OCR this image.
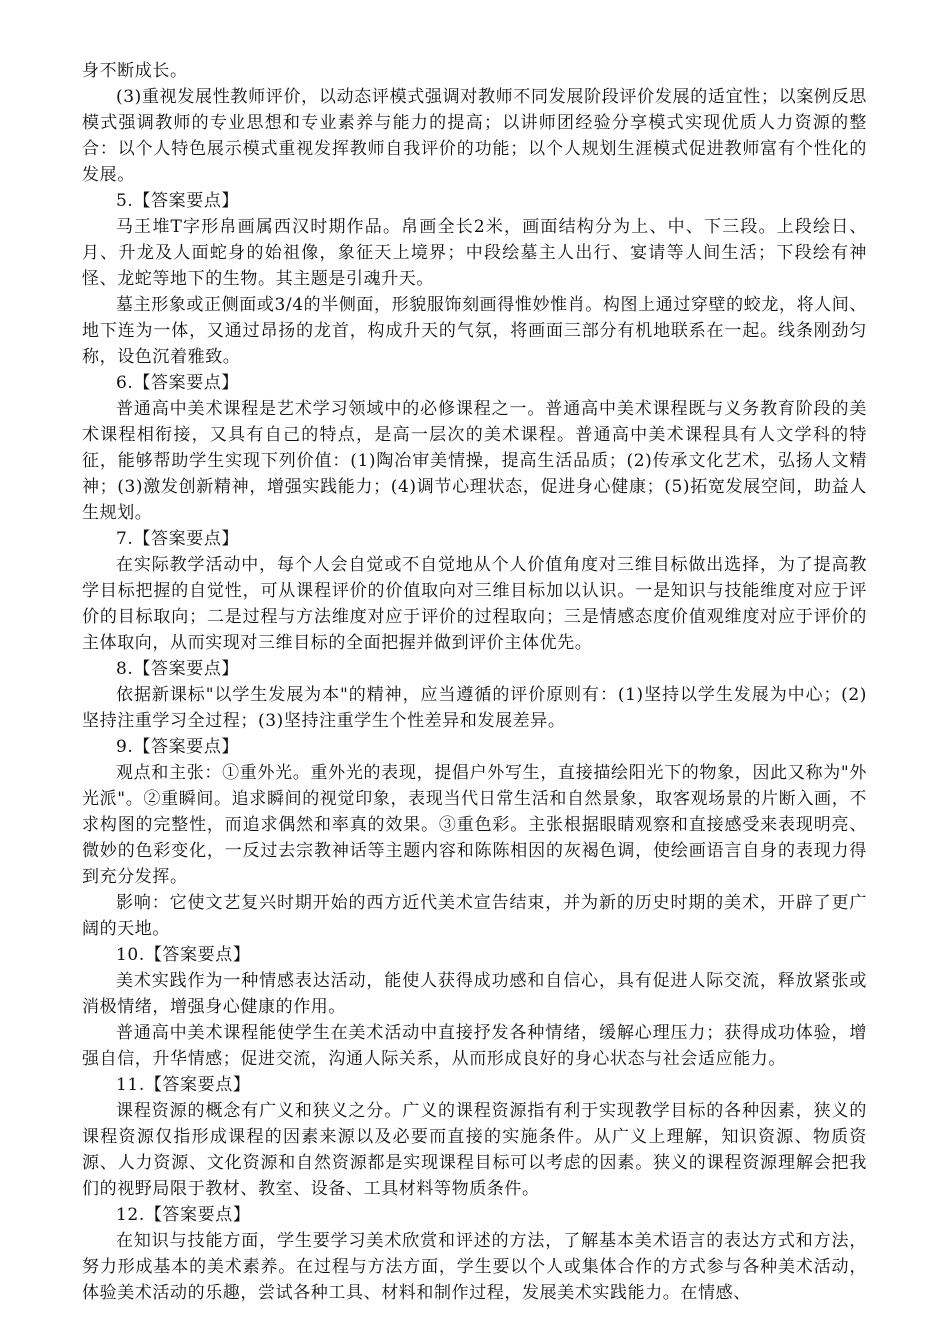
身不断成长。

(3)重视发展性教师评价，以动态评模式强调对教师不同发展阶段评价发展的适宜性；以案例反思模式强调教师的专业思想和专业素养与能力的提高；以讲师团经验分享模式实现优质人力资源的整合：以个人特色展示模式重视发挥教师自我评价的功能；以个人规划生涯模式促进教师富有个性化的发展。

5.【答案要点】

马王堆T字形帛画属西汉时期作品。帛画全长2米，画面结构分为上、中、下三段。上段绘日、月、升龙及人面蛇身的始祖像，象征天上境界；中段绘墓主人出行、宴请等人间生活；下段绘有神怪、龙蛇等地下的生物。其主题是引魂升天。

墓主形象或正侧面或3/4的半侧面，形貌服饰刻画得惟妙惟肖。构图上通过穿壁的蛟龙，将人间、地下连为一体，又通过昂扬的龙首，构成升天的气氛，将画面三部分有机地联系在一起。线条刚劲匀称，设色沉着雅致。

6.【答案要点】

普通高中美术课程是艺术学习领域中的必修课程之一。普通高中美术课程既与义务教育阶段的美术课程相衔接，又具有自己的特点，是高一层次的美术课程。普通高中美术课程具有人文学科的特征，能够帮助学生实现下列价值：(1)陶冶审美情操，提高生活品质；(2)传承文化艺术，弘扬人文精神；(3)激发创新精神，增强实践能力；(4)调节心理状态，促进身心健康；(5)拓宽发展空间，助益人生规划。

7.【答案要点】

在实际教学活动中，每个人会自觉或不自觉地从个人价值角度对三维目标做出选择，为了提高教学目标把握的自觉性，可从课程评价的价值取向对三维目标加以认识。一是知识与技能维度对应于评价的目标取向；二是过程与方法维度对应于评价的过程取向；三是情感态度价值观维度对应于评价的主体取向，从而实现对三维目标的全面把握并做到评价主体优先。

8.【答案要点】

依据新课标"以学生发展为本"的精神，应当遵循的评价原则有：(1)坚持以学生发展为中心；(2)坚持注重学习全过程；(3)坚持注重学生个性差异和发展差异。

9.【答案要点】

观点和主张：①重外光。重外光的表现，提倡户外写生，直接描绘阳光下的物象，因此又称为"外光派"。②重瞬间。追求瞬间的视觉印象，表现当代日常生活和自然景象，取客观场景的片断入画，不求构图的完整性，而追求偶然和率真的效果。③重色彩。主张根据眼睛观察和直接感受来表现明亮、微妙的色彩变化，一反过去宗教神话等主题内容和陈陈相因的灰褐色调，使绘画语言自身的表现力得到充分发挥。

影响：它使文艺复兴时期开始的西方近代美术宣告结束，并为新的历史时期的美术，开辟了更广阔的天地。

10.【答案要点】

美术实践作为一种情感表达活动，能使人获得成功感和自信心，具有促进人际交流，释放紧张或消极情绪，增强身心健康的作用。

普通高中美术课程能使学生在美术活动中直接抒发各种情绪，缓解心理压力；获得成功体验，增强自信，升华情感；促进交流，沟通人际关系，从而形成良好的身心状态与社会适应能力。

11.【答案要点】

课程资源的概念有广义和狭义之分。广义的课程资源指有利于实现教学目标的各种因素，狭义的课程资源仅指形成课程的因素来源以及必要而直接的实施条件。从广义上理解，知识资源、物质资源、人力资源、文化资源和自然资源都是实现课程目标可以考虑的因素。狭义的课程资源理解会把我们的视野局限于教材、教室、设备、工具材料等物质条件。

12.【答案要点】

在知识与技能方面，学生要学习美术欣赏和评述的方法，了解基本美术语言的表达方式和方法，努力形成基本的美术素养。在过程与方法方面，学生要以个人或集体合作的方式参与各种美术活动，体验美术活动的乐趣，尝试各种工具、材料和制作过程，发展美术实践能力。在情感、
